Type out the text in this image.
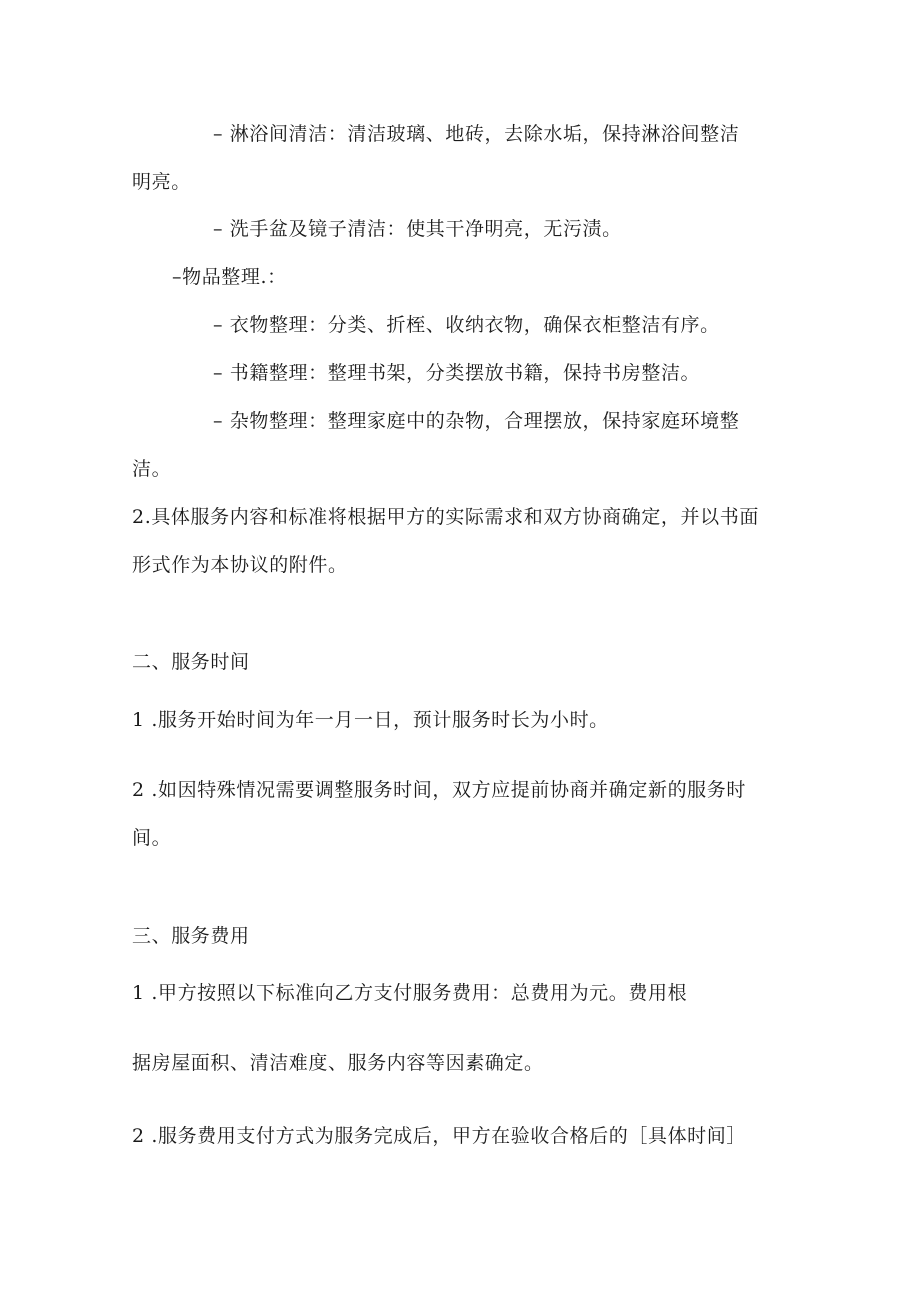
– 淋浴间清洁：清洁玻璃、地砖，去除水垢，保持淋浴间整洁
明亮。
– 洗手盆及镜子清洁：使其干净明亮，无污渍。
–物品整理.：
– 衣物整理：分类、折桎、收纳衣物，确保衣柜整洁有序。
– 书籍整理：整理书架，分类摆放书籍，保持书房整洁。
– 杂物整理：整理家庭中的杂物，合理摆放，保持家庭环境整
洁。
2.具体服务内容和标准将根据甲方的实际需求和双方协商确定，并以书面
形式作为本协议的附件。
二、服务时间
1 .服务开始时间为年一月一日，预计服务时长为小时。
2 .如因特殊情况需要调整服务时间，双方应提前协商并确定新的服务时
间。
三、服务费用
1 .甲方按照以下标准向乙方支付服务费用：总费用为元。费用根
据房屋面积、清洁难度、服务内容等因素确定。
2 .服务费用支付方式为服务完成后，甲方在验收合格后的［具体时间］
